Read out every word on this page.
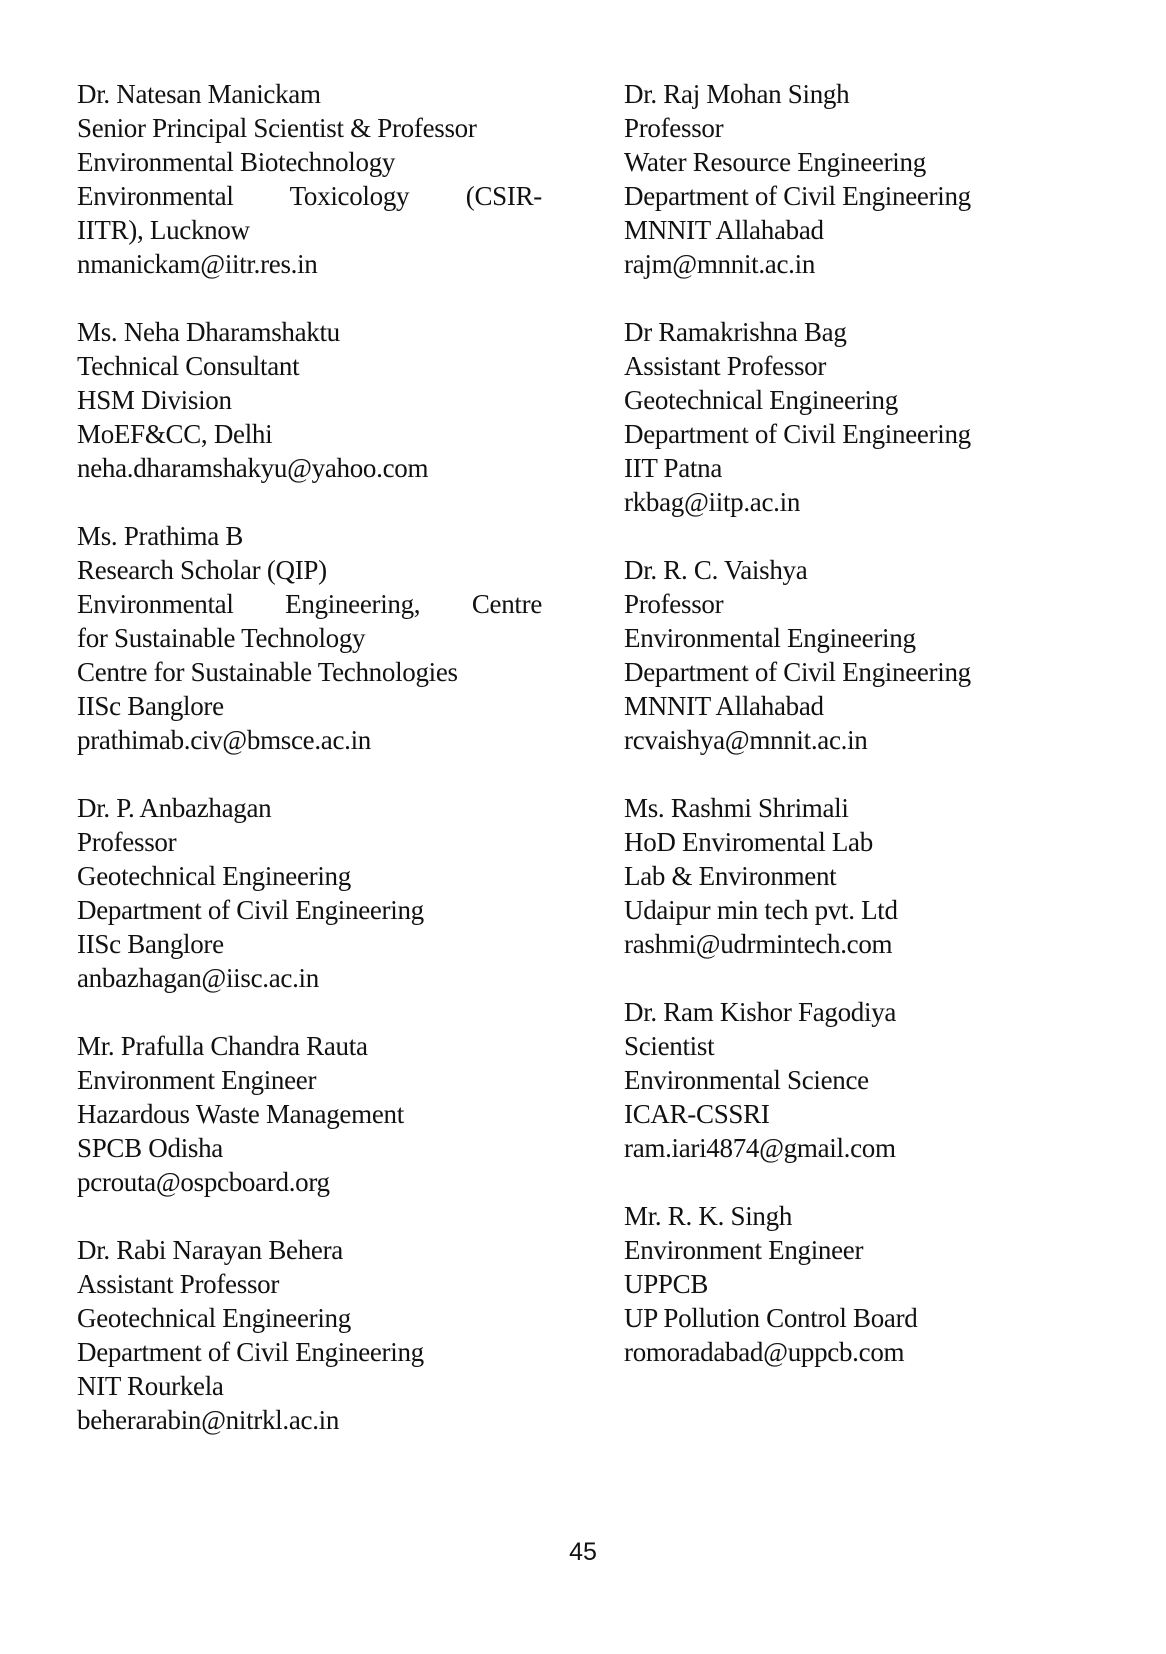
Dr. Natesan Manickam
Senior Principal Scientist & Professor
Environmental Biotechnology
Environmental Toxicology (CSIR-
IITR), Lucknow
nmanickam@iitr.res.in
Ms. Neha Dharamshaktu
Technical Consultant
HSM Division
MoEF&CC, Delhi
neha.dharamshakyu@yahoo.com
Ms. Prathima B
Research Scholar (QIP)
Environmental Engineering, Centre
for Sustainable Technology
Centre for Sustainable Technologies
IISc Banglore
prathimab.civ@bmsce.ac.in
Dr. P. Anbazhagan
Professor
Geotechnical Engineering
Department of Civil Engineering
IISc Banglore
anbazhagan@iisc.ac.in
Mr. Prafulla Chandra Rauta
Environment Engineer
Hazardous Waste Management
SPCB Odisha
pcrouta@ospcboard.org
Dr. Rabi Narayan Behera
Assistant Professor
Geotechnical Engineering
Department of Civil Engineering
NIT Rourkela
beherarabin@nitrkl.ac.in
Dr. Raj Mohan Singh
Professor
Water Resource Engineering
Department of Civil Engineering
MNNIT Allahabad
rajm@mnnit.ac.in
Dr Ramakrishna Bag
Assistant Professor
Geotechnical Engineering
Department of Civil Engineering
IIT Patna
rkbag@iitp.ac.in
Dr. R. C. Vaishya
Professor
Environmental Engineering
Department of Civil Engineering
MNNIT Allahabad
rcvaishya@mnnit.ac.in
Ms. Rashmi Shrimali
HoD Enviromental Lab
Lab & Environment
Udaipur min tech pvt. Ltd
rashmi@udrmintech.com
Dr. Ram Kishor Fagodiya
Scientist
Environmental Science
ICAR-CSSRI
ram.iari4874@gmail.com
Mr. R. K. Singh
Environment Engineer
UPPCB
UP Pollution Control Board
romoradabad@uppcb.com
45
